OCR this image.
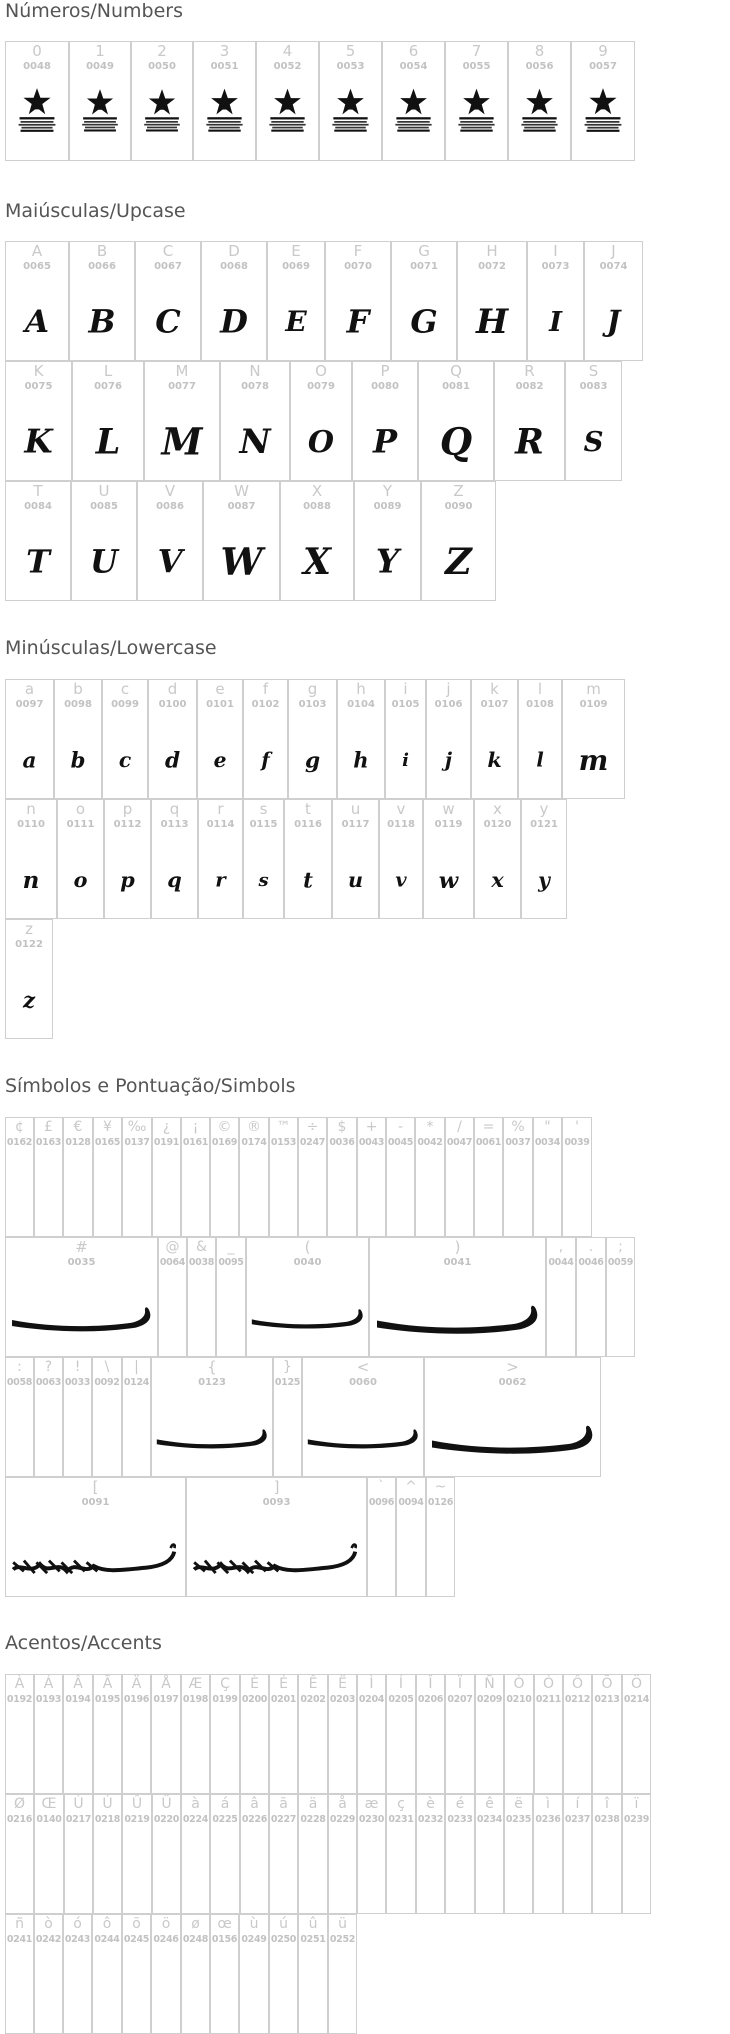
Números/Numbers
0
0048
1
0049
2
0050
3
0051
4
0052
5
0053
6
0054
7
0055
8
0056
9
0057
Maiúsculas/Upcase
A
0065
A
B
0066
B
C
0067
C
D
0068
D
E
0069
E
F
0070
F
G
0071
G
H
0072
H
I
0073
I
J
0074
J
K
0075
K
L
0076
L
M
0077
M
N
0078
N
O
0079
O
P
0080
P
Q
0081
Q
R
0082
R
S
0083
S
T
0084
T
U
0085
U
V
0086
V
W
0087
W
X
0088
X
Y
0089
Y
Z
0090
Z
Minúsculas/Lowercase
a
0097
a
b
0098
b
c
0099
c
d
0100
d
e
0101
e
f
0102
f
g
0103
g
h
0104
h
i
0105
i
j
0106
j
k
0107
k
l
0108
l
m
0109
m
n
0110
n
o
0111
o
p
0112
p
q
0113
q
r
0114
r
s
0115
s
t
0116
t
u
0117
u
v
0118
v
w
0119
w
x
0120
x
y
0121
y
z
0122
z
Símbolos e Pontuação/Simbols
¢
0162
£
0163
€
0128
¥
0165
‰
0137
¿
0191
¡
0161
©
0169
®
0174
™
0153
÷
0247
$
0036
+
0043
-
0045
*
0042
/
0047
=
0061
%
0037
"
0034
'
0039
#
0035
@
0064
&
0038
_
0095
(
0040
)
0041
,
0044
.
0046
;
0059
:
0058
?
0063
!
0033
\
0092
|
0124
{
0123
}
0125
<
0060
>
0062
[
0091
]
0093
`
0096
^
0094
~
0126
Acentos/Accents
À
0192
Á
0193
Â
0194
Ã
0195
Ä
0196
Å
0197
Æ
0198
Ç
0199
È
0200
É
0201
Ê
0202
Ë
0203
Ì
0204
Í
0205
Î
0206
Ï
0207
Ñ
0209
Ò
0210
Ó
0211
Ô
0212
Õ
0213
Ö
0214
Ø
0216
Œ
0140
Ù
0217
Ú
0218
Û
0219
Ü
0220
à
0224
á
0225
â
0226
ã
0227
ä
0228
å
0229
æ
0230
ç
0231
è
0232
é
0233
ê
0234
ë
0235
ì
0236
í
0237
î
0238
ï
0239
ñ
0241
ò
0242
ó
0243
ô
0244
õ
0245
ö
0246
ø
0248
œ
0156
ù
0249
ú
0250
û
0251
ü
0252
